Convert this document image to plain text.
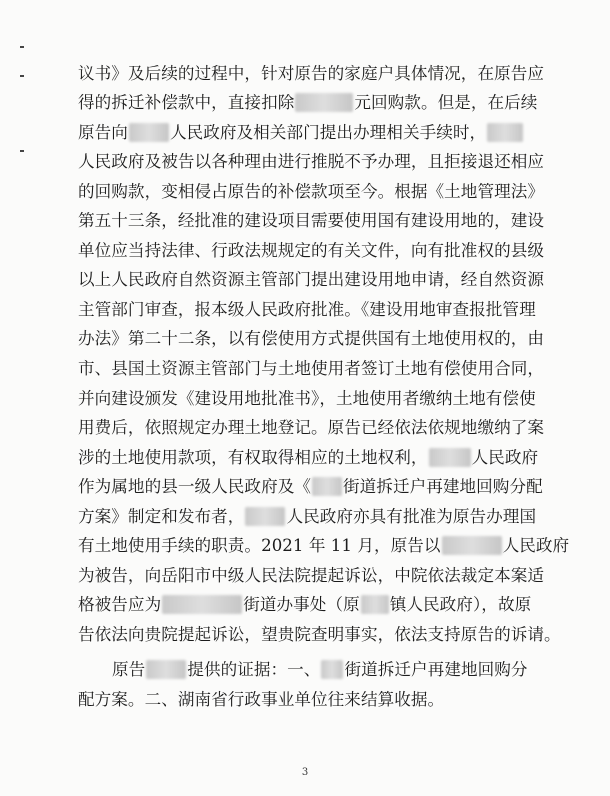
议书》及后续的过程中，针对原告的家庭户具体情况，在原告应
得的拆迁补偿款中，直接扣除	元回购款。但是，在后续
原告向	人民政府及相关部门提出办理相关手续时，
人民政府及被告以各种理由进行推脱不予办理，且拒接退还相应
的回购款，变相侵占原告的补偿款项至今。根据《土地管理法》
第五十三条，经批准的建设项目需要使用国有建设用地的，建设
单位应当持法律、行政法规规定的有关文件，向有批准权的县级
以上人民政府自然资源主管部门提出建设用地申请，经自然资源
主管部门审查，报本级人民政府批准。《建设用地审查报批管理
办法》第二十二条，以有偿使用方式提供国有土地使用权的，由
市、县国土资源主管部门与土地使用者签订土地有偿使用合同，
并向建设颁发《建设用地批准书》，土地使用者缴纳土地有偿使
用费后，依照规定办理土地登记。原告已经依法依规地缴纳了案
涉的土地使用款项，有权取得相应的土地权利，	人民政府
作为属地的县一级人民政府及《 街道拆迁户再建地回购分配
方案》制定和发布者，	人民政府亦具有批准为原告办理国
有土地使用手续的职责。2021 年 11 月，原告以	人民政府
为被告，向岳阳市中级人民法院提起诉讼，中院依法裁定本案适
格被告应为	街道办事处（原 镇人民政府），故原
告依法向贵院提起诉讼，望贵院查明事实，依法支持原告的诉请。
原告	提供的证据：一、 街道拆迁户再建地回购分
配方案。二、湖南省行政事业单位往来结算收据。
3
